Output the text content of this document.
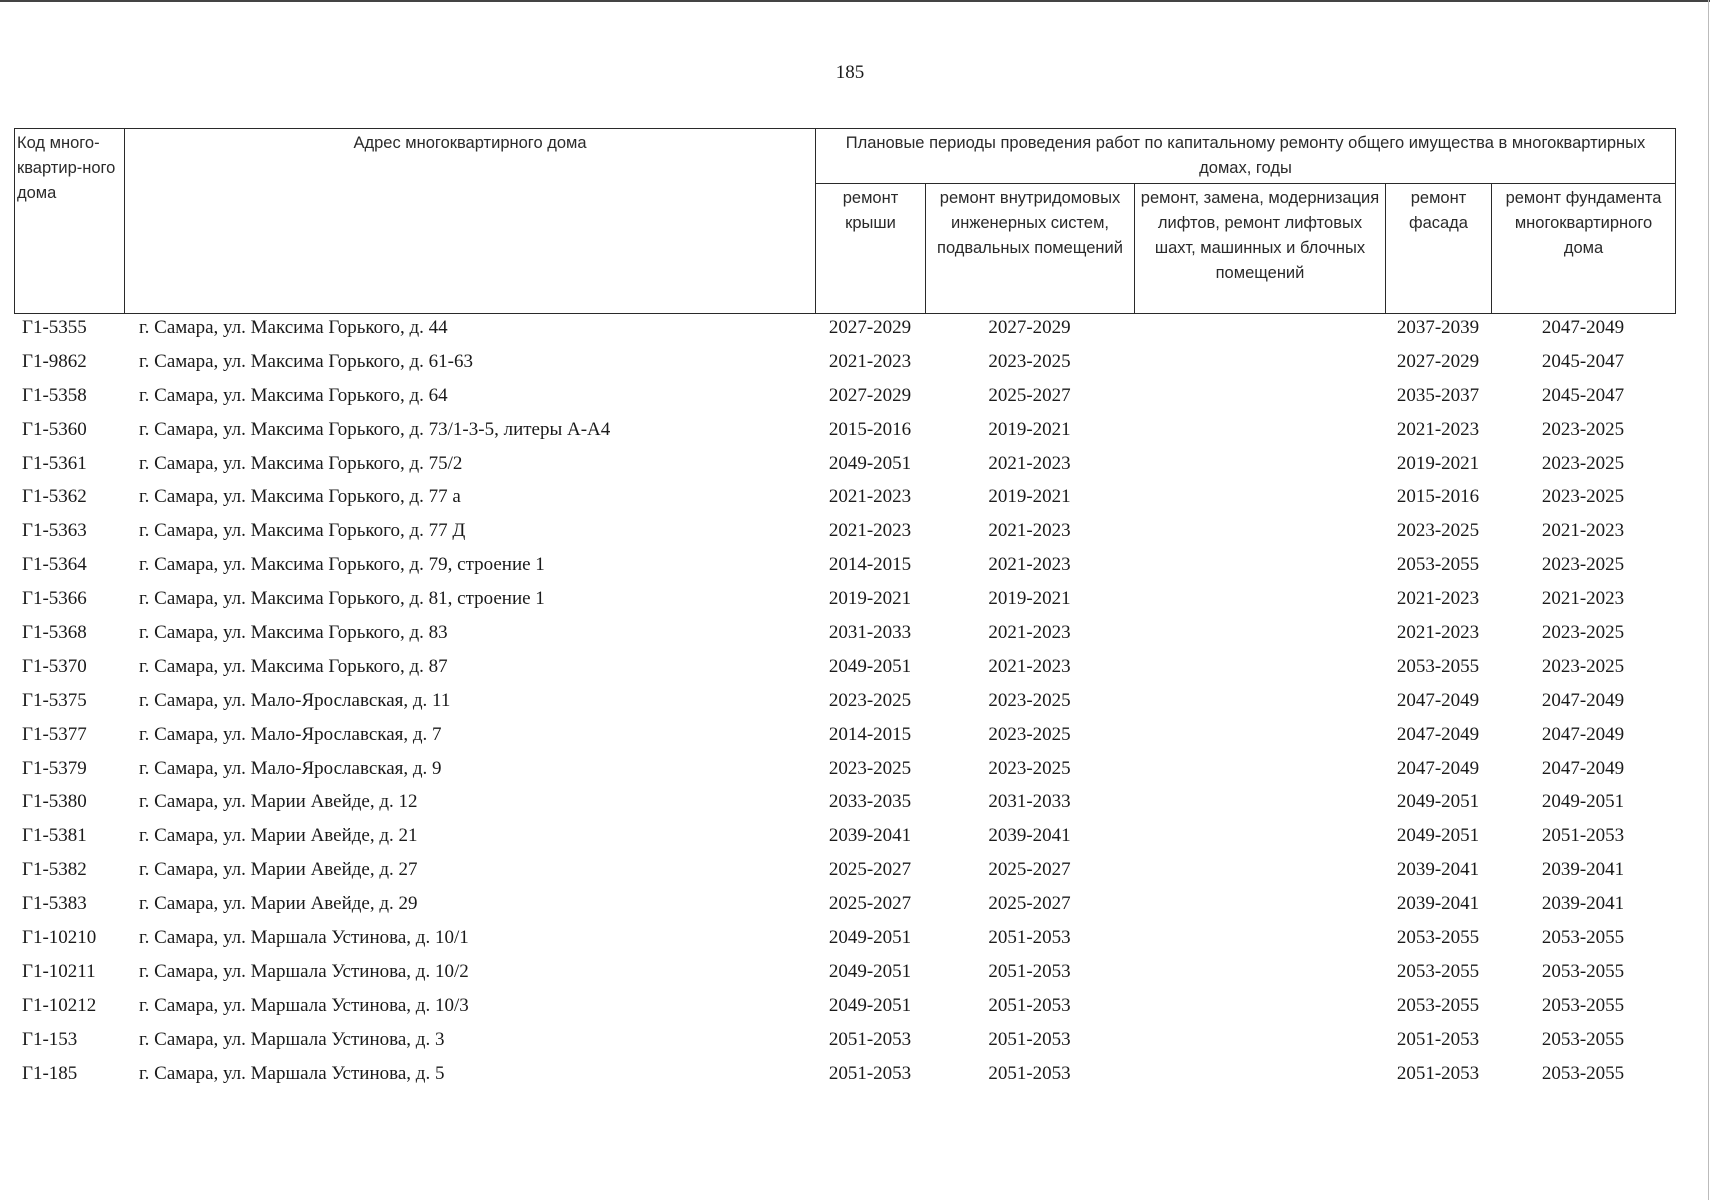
185
Код много-квартир-ного дома	Адрес многоквартирного дома	Плановые периоды проведения работ по капитальному ремонту общего имущества в многоквартирных домах, годы				
		ремонт крыши	ремонт внутридомовых инженерных систем, подвальных помещений	ремонт, замена, модернизация лифтов, ремонт лифтовых шахт, машинных и блочных помещений	ремонт фасада	ремонт фундамента многоквартирного дома
Г1-5355	г. Самара, ул. Максима Горького, д. 44	2027-2029	2027-2029		2037-2039	2047-2049
Г1-9862	г. Самара, ул. Максима Горького, д. 61-63	2021-2023	2023-2025		2027-2029	2045-2047
Г1-5358	г. Самара, ул. Максима Горького, д. 64	2027-2029	2025-2027		2035-2037	2045-2047
Г1-5360	г. Самара, ул. Максима Горького, д. 73/1-3-5, литеры А-А4	2015-2016	2019-2021		2021-2023	2023-2025
Г1-5361	г. Самара, ул. Максима Горького, д. 75/2	2049-2051	2021-2023		2019-2021	2023-2025
Г1-5362	г. Самара, ул. Максима Горького, д. 77 а	2021-2023	2019-2021		2015-2016	2023-2025
Г1-5363	г. Самара, ул. Максима Горького, д. 77 Д	2021-2023	2021-2023		2023-2025	2021-2023
Г1-5364	г. Самара, ул. Максима Горького, д. 79, строение 1	2014-2015	2021-2023		2053-2055	2023-2025
Г1-5366	г. Самара, ул. Максима Горького, д. 81, строение 1	2019-2021	2019-2021		2021-2023	2021-2023
Г1-5368	г. Самара, ул. Максима Горького, д. 83	2031-2033	2021-2023		2021-2023	2023-2025
Г1-5370	г. Самара, ул. Максима Горького, д. 87	2049-2051	2021-2023		2053-2055	2023-2025
Г1-5375	г. Самара, ул. Мало-Ярославская, д. 11	2023-2025	2023-2025		2047-2049	2047-2049
Г1-5377	г. Самара, ул. Мало-Ярославская, д. 7	2014-2015	2023-2025		2047-2049	2047-2049
Г1-5379	г. Самара, ул. Мало-Ярославская, д. 9	2023-2025	2023-2025		2047-2049	2047-2049
Г1-5380	г. Самара, ул. Марии Авейде, д. 12	2033-2035	2031-2033		2049-2051	2049-2051
Г1-5381	г. Самара, ул. Марии Авейде, д. 21	2039-2041	2039-2041		2049-2051	2051-2053
Г1-5382	г. Самара, ул. Марии Авейде, д. 27	2025-2027	2025-2027		2039-2041	2039-2041
Г1-5383	г. Самара, ул. Марии Авейде, д. 29	2025-2027	2025-2027		2039-2041	2039-2041
Г1-10210	г. Самара, ул. Маршала Устинова, д. 10/1	2049-2051	2051-2053		2053-2055	2053-2055
Г1-10211	г. Самара, ул. Маршала Устинова, д. 10/2	2049-2051	2051-2053		2053-2055	2053-2055
Г1-10212	г. Самара, ул. Маршала Устинова, д. 10/3	2049-2051	2051-2053		2053-2055	2053-2055
Г1-153	г. Самара, ул. Маршала Устинова, д. 3	2051-2053	2051-2053		2051-2053	2053-2055
Г1-185	г. Самара, ул. Маршала Устинова, д. 5	2051-2053	2051-2053		2051-2053	2053-2055
